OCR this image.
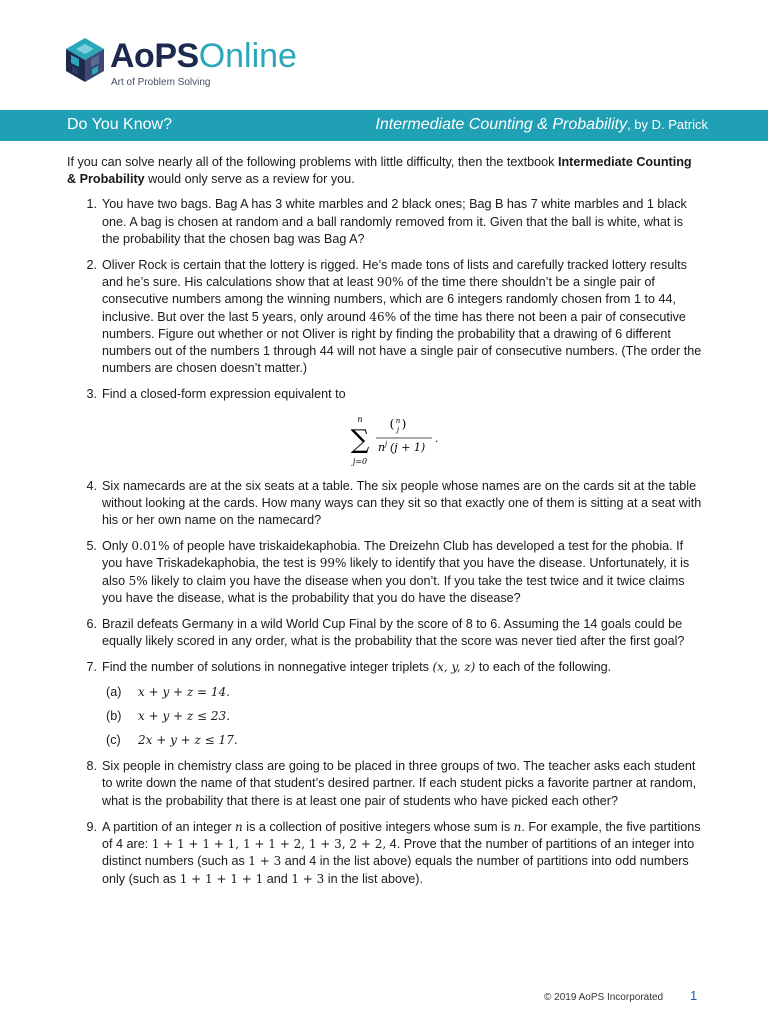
AoPSOnline
Art of Problem Solving
Do You Know?	Intermediate Counting & Probability, by D. Patrick

If you can solve nearly all of the following problems with little difficulty, then the textbook Intermediate Counting & Probability would only serve as a review for you.

1. You have two bags. Bag A has 3 white marbles and 2 black ones; Bag B has 7 white marbles and 1 black one. A bag is chosen at random and a ball randomly removed from it. Given that the ball is white, what is the probability that the chosen bag was Bag A?
2. Oliver Rock is certain that the lottery is rigged. He’s made tons of lists and carefully tracked lottery results and he’s sure. His calculations show that at least 90% of the time there shouldn’t be a single pair of consecutive numbers among the winning numbers, which are 6 integers randomly chosen from 1 to 44, inclusive. But over the last 5 years, only around 46% of the time has there not been a pair of consecutive numbers. Figure out whether or not Oliver is right by finding the probability that a drawing of 6 different numbers out of the numbers 1 through 44 will not have a single pair of consecutive numbers. (The order the numbers are chosen doesn’t matter.)
3. Find a closed-form expression equivalent to
n
∑
j=0
( n
j )
n j (j + 1)
.
4. Six namecards are at the six seats at a table. The six people whose names are on the cards sit at the table without looking at the cards. How many ways can they sit so that exactly one of them is sitting at a seat with his or her own name on the namecard?
5. Only 0.01% of people have triskaidekaphobia. The Dreizehn Club has developed a test for the phobia. If you have Triskadekaphobia, the test is 99% likely to identify that you have the disease. Unfortunately, it is also 5% likely to claim you have the disease when you don’t. If you take the test twice and it twice claims you have the disease, what is the probability that you do have the disease?
6. Brazil defeats Germany in a wild World Cup Final by the score of 8 to 6. Assuming the 14 goals could be equally likely scored in any order, what is the probability that the score was never tied after the first goal?
7. Find the number of solutions in nonnegative integer triplets (x, y, z) to each of the following.
(a) x + y + z = 14.
(b) x + y + z ≤ 23.
(c) 2x + y + z ≤ 17.
8. Six people in chemistry class are going to be placed in three groups of two. The teacher asks each student to write down the name of that student’s desired partner. If each student picks a favorite partner at random, what is the probability that there is at least one pair of students who have picked each other?
9. A partition of an integer n is a collection of positive integers whose sum is n. For example, the five partitions of 4 are: 1 + 1 + 1 + 1, 1 + 1 + 2, 1 + 3, 2 + 2, 4. Prove that the number of partitions of an integer into distinct numbers (such as 1 + 3 and 4 in the list above) equals the number of partitions into odd numbers only (such as 1 + 1 + 1 + 1 and 1 + 3 in the list above).
© 2019 AoPS Incorporated 1
